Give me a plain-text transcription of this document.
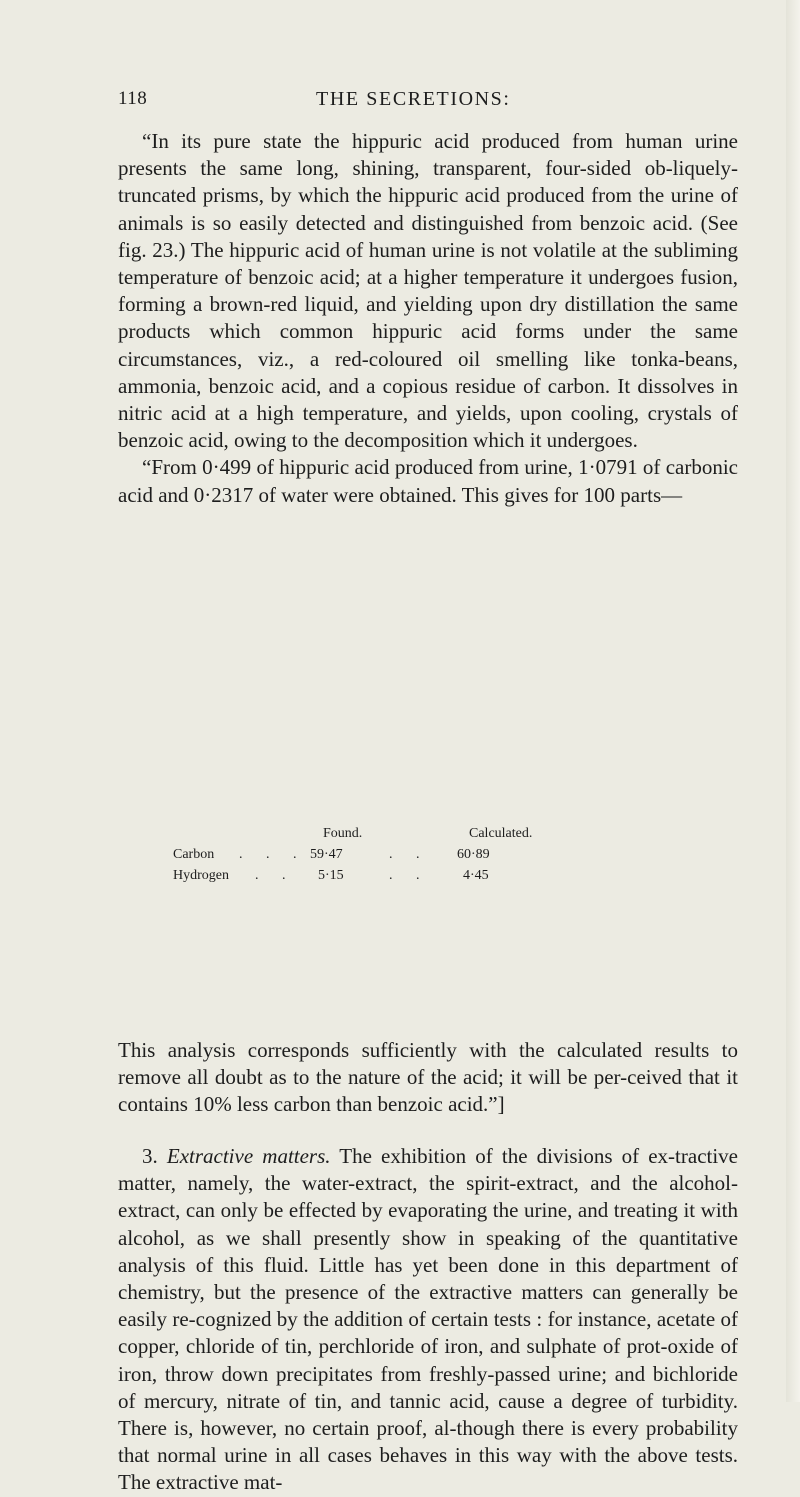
118	THE SECRETIONS:

“In its pure state the hippuric acid produced from human urine presents the same long, shining, transparent, four-sided ob-liquely-truncated prisms, by which the hippuric acid produced from the urine of animals is so easily detected and distinguished from benzoic acid. (See fig. 23.) The hippuric acid of human urine is not volatile at the subliming temperature of benzoic acid; at a higher temperature it undergoes fusion, forming a brown-red liquid, and yielding upon dry distillation the same products which common hippuric acid forms under the same circumstances, viz., a red-coloured oil smelling like tonka-beans, ammonia, benzoic acid, and a copious residue of carbon. It dissolves in nitric acid at a high temperature, and yields, upon cooling, crystals of benzoic acid, owing to the decomposition which it undergoes.

“From 0·499 of hippuric acid produced from urine, 1·0791 of carbonic acid and 0·2317 of water were obtained. This gives for 100 parts—

Found.	Calculated.
Carbon . . . 59·47	. . 60·89
Hydrogen . . 5·15	. . 4·45

This analysis corresponds sufficiently with the calculated results to remove all doubt as to the nature of the acid; it will be per-ceived that it contains 10% less carbon than benzoic acid.”]

3. Extractive matters. The exhibition of the divisions of ex-tractive matter, namely, the water-extract, the spirit-extract, and the alcohol-extract, can only be effected by evaporating the urine, and treating it with alcohol, as we shall presently show in speaking of the quantitative analysis of this fluid. Little has yet been done in this department of chemistry, but the presence of the extractive matters can generally be easily re-cognized by the addition of certain tests : for instance, acetate of copper, chloride of tin, perchloride of iron, and sulphate of prot-oxide of iron, throw down precipitates from freshly-passed urine; and bichloride of mercury, nitrate of tin, and tannic acid, cause a degree of turbidity. There is, however, no certain proof, al-though there is every probability that normal urine in all cases behaves in this way with the above tests. The extractive mat-
